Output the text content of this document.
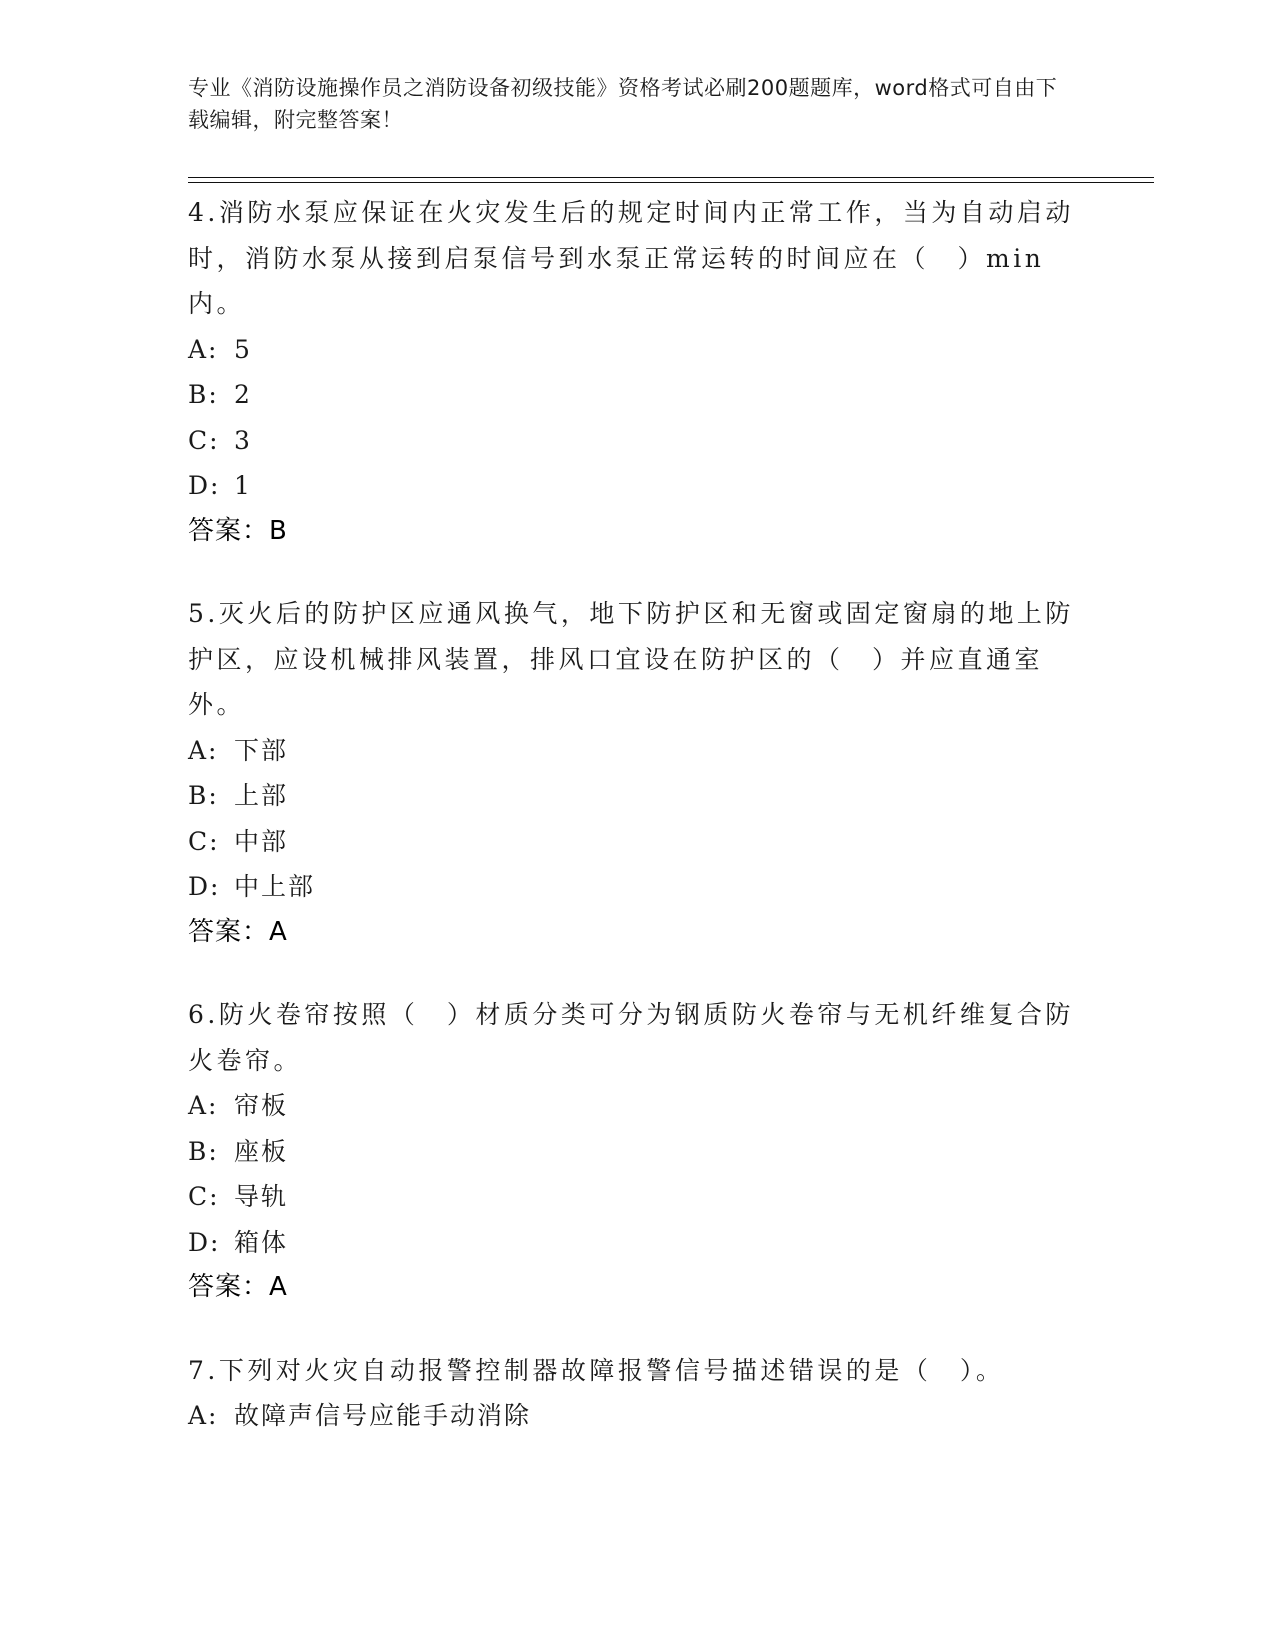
专业《消防设施操作员之消防设备初级技能》资格考试必刷200题题库，word格式可自由下载编辑，附完整答案！
4.消防水泵应保证在火灾发生后的规定时间内正常工作，当为自动启动时，消防水泵从接到启泵信号到水泵正常运转的时间应在（　）min内。
A: 5
B: 2
C: 3
D: 1
答案：B
5.灭火后的防护区应通风换气，地下防护区和无窗或固定窗扇的地上防护区，应设机械排风装置，排风口宜设在防护区的（　）并应直通室外。
A: 下部
B: 上部
C: 中部
D: 中上部
答案：A
6.防火卷帘按照（　）材质分类可分为钢质防火卷帘与无机纤维复合防火卷帘。
A: 帘板
B: 座板
C: 导轨
D: 箱体
答案：A
7.下列对火灾自动报警控制器故障报警信号描述错误的是（　）。
A: 故障声信号应能手动消除
